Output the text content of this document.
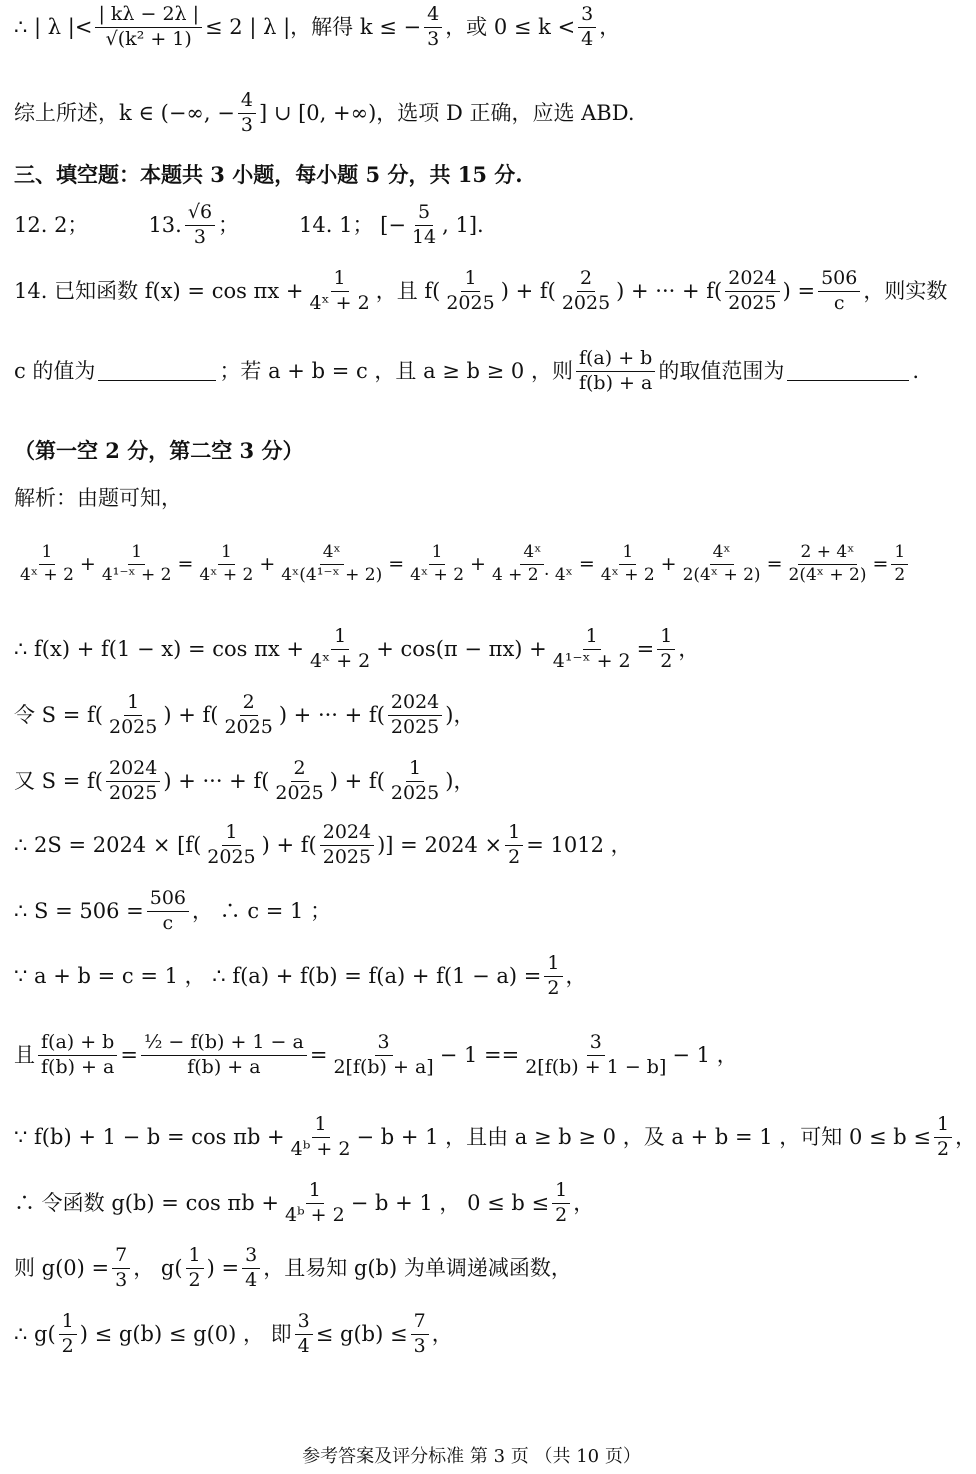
∴ | λ |< $\frac{| k\lambda - 2\lambda |}{\text{√(k² + 1)}} \le 2$ | λ |，解得 k ≤ − $\frac{4}{3}$ ，或 $0 \le k < \frac{3}{4}$ ，
综上所述，k ∈ (−∞, − $\frac{4}{3}$ ] ∪ [0, +∞)，选项 D 正确，应选 ABD.
三、填空题：本题共 3 小题，每小题 5 分，共 15 分.
12. 2；	13. $\frac{√6}{3}$ ；	14. 1； [− $\frac{5}{14}$ , 1].
14. 已知函数 $f(x) = \cos \pi x + \frac{1}{\text{4ˣ + 2}}$ ，且 $f( \frac{1}{2025}$ ) + $f( \frac{2}{2025}$ ) + ··· + $f( \frac{2024}{2025}$ ) = $\frac{506}{c}$ ，则实数
c 的值为	；若 a + b = c ，且 a ≥ b ≥ 0 ，则 $\frac{f(a) + b}{f(b) + a}$ 的取值范围为	.
（第一空 2 分，第二空 3 分）
解析：由题可知，
$\frac{1}{\text{4ˣ + 2}} + \frac{1}{\text{4¹⁻ˣ + 2}} = \frac{1}{\text{4ˣ + 2}} + \frac{\text{4ˣ}}{\text{4ˣ(4¹⁻ˣ + 2)}} = \frac{1}{\text{4ˣ + 2}} + \frac{\text{4ˣ}}{\text{4 + 2 · 4ˣ}} = \frac{1}{\text{4ˣ + 2}} + \frac{\text{4ˣ}}{\text{2(4ˣ + 2)}} = \frac{\text{2 + 4ˣ}}{\text{2(4ˣ + 2)}} = \frac{1}{2}$
∴ $f(x) + f(1 - x) = \cos \pi x + \frac{1}{\text{4ˣ + 2}} + \cos(\pi - \pi x) + \frac{1}{\text{4¹⁻ˣ + 2}} = \frac{1}{2}$ ，
令 $S = f( \frac{1}{2025}$ ) + $f( \frac{2}{2025}$ ) + ··· + $f( \frac{2024}{2025}$ )，
又 $S = f( \frac{2024}{2025}$ ) + ··· + $f( \frac{2}{2025}$ ) + $f( \frac{1}{2025}$ )，
∴ $2S = 2024 \times [f( \frac{1}{2025}$ ) + $f( \frac{2024}{2025}$ )] = $2024 \times \frac{1}{2} = 1012$ ，
∴ $S = 506 = \frac{506}{c}$ ， ∴ c = 1 ；
∵ a + b = c = 1 ， ∴ $f(a) + f(b) = f(a) + f(1 - a) = \frac{1}{2}$ ，
且 $\frac{f(a) + b}{f(b) + a} = \frac{\text{½ − f(b) + 1 − a}}{f(b) + a} = \frac{3}{2[f(b) + a]} - 1 == \frac{3}{2[f(b) + 1 - b]} - 1$ ，
∵ $f(b) + 1 - b = \cos \pi b + \frac{1}{\text{4ᵇ + 2}} - b + 1$ ，且由 a ≥ b ≥ 0 ，及 a + b = 1 ，可知 $0 \le b \le \frac{1}{2}$ ，
∴ 令函数 $g(b) = \cos \pi b + \frac{1}{\text{4ᵇ + 2}} - b + 1$ ， $0 \le b \le \frac{1}{2}$ ，
则 $g(0) = \frac{7}{3}$ ， $g( \frac{1}{2}$ ) = $\frac{3}{4}$ ，且易知 g(b) 为单调递减函数，
∴ $g( \frac{1}{2}$ ) ≤ g(b) ≤ g(0) ， 即 $\frac{3}{4} \le g(b) \le \frac{7}{3}$ ，
参考答案及评分标准 第 3 页 （共 10 页）
